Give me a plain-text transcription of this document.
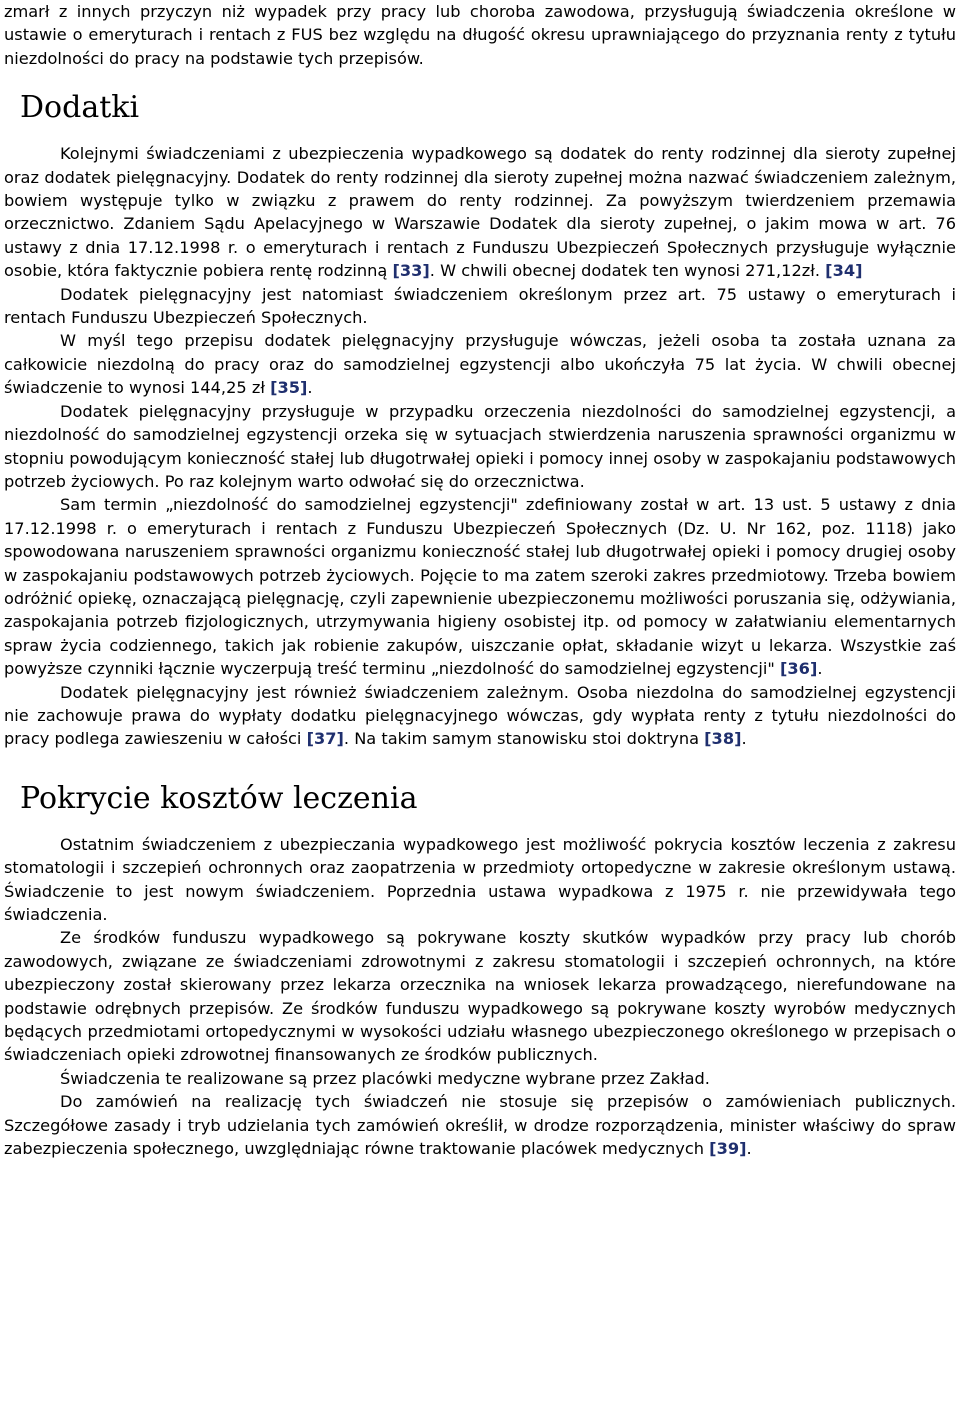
zmarł z innych przyczyn niż wypadek przy pracy lub choroba zawodowa, przysługują świadczenia określone w ustawie o emeryturach i rentach z FUS bez względu na długość okresu uprawniającego do przyznania renty z tytułu niezdolności do pracy na podstawie tych przepisów.

Dodatki

Kolejnymi świadczeniami z ubezpieczenia wypadkowego są dodatek do renty rodzinnej dla sieroty zupełnej oraz dodatek pielęgnacyjny. Dodatek do renty rodzinnej dla sieroty zupełnej można nazwać świadczeniem zależnym, bowiem występuje tylko w związku z prawem do renty rodzinnej. Za powyższym twierdzeniem przemawia orzecznictwo. Zdaniem Sądu Apelacyjnego w Warszawie Dodatek dla sieroty zupełnej, o jakim mowa w art. 76 ustawy z dnia 17.12.1998 r. o emeryturach i rentach z Funduszu Ubezpieczeń Społecznych przysługuje wyłącznie osobie, która faktycznie pobiera rentę rodzinną [33]. W chwili obecnej dodatek ten wynosi 271,12zł. [34]

Dodatek pielęgnacyjny jest natomiast świadczeniem określonym przez art. 75 ustawy o emeryturach i rentach Funduszu Ubezpieczeń Społecznych.

W myśl tego przepisu dodatek pielęgnacyjny przysługuje wówczas, jeżeli osoba ta została uznana za całkowicie niezdolną do pracy oraz do samodzielnej egzystencji albo ukończyła 75 lat życia. W chwili obecnej świadczenie to wynosi 144,25 zł [35].

Dodatek pielęgnacyjny przysługuje w przypadku orzeczenia niezdolności do samodzielnej egzystencji, a niezdolność do samodzielnej egzystencji orzeka się w sytuacjach stwierdzenia naruszenia sprawności organizmu w stopniu powodującym konieczność stałej lub długotrwałej opieki i pomocy innej osoby w zaspokajaniu podstawowych potrzeb życiowych. Po raz kolejnym warto odwołać się do orzecznictwa.

Sam termin „niezdolność do samodzielnej egzystencji" zdefiniowany został w art. 13 ust. 5 ustawy z dnia 17.12.1998 r. o emeryturach i rentach z Funduszu Ubezpieczeń Społecznych (Dz. U. Nr 162, poz. 1118) jako spowodowana naruszeniem sprawności organizmu konieczność stałej lub długotrwałej opieki i pomocy drugiej osoby w zaspokajaniu podstawowych potrzeb życiowych. Pojęcie to ma zatem szeroki zakres przedmiotowy. Trzeba bowiem odróżnić opiekę, oznaczającą pielęgnację, czyli zapewnienie ubezpieczonemu możliwości poruszania się, odżywiania, zaspokajania potrzeb fizjologicznych, utrzymywania higieny osobistej itp. od pomocy w załatwianiu elementarnych spraw życia codziennego, takich jak robienie zakupów, uiszczanie opłat, składanie wizyt u lekarza. Wszystkie zaś powyższe czynniki łącznie wyczerpują treść terminu „niezdolność do samodzielnej egzystencji" [36].

Dodatek pielęgnacyjny jest również świadczeniem zależnym. Osoba niezdolna do samodzielnej egzystencji nie zachowuje prawa do wypłaty dodatku pielęgnacyjnego wówczas, gdy wypłata renty z tytułu niezdolności do pracy podlega zawieszeniu w całości [37]. Na takim samym stanowisku stoi doktryna [38].

Pokrycie kosztów leczenia

Ostatnim świadczeniem z ubezpieczania wypadkowego jest możliwość pokrycia kosztów leczenia z zakresu stomatologii i szczepień ochronnych oraz zaopatrzenia w przedmioty ortopedyczne w zakresie określonym ustawą. Świadczenie to jest nowym świadczeniem. Poprzednia ustawa wypadkowa z 1975 r. nie przewidywała tego świadczenia.

Ze środków funduszu wypadkowego są pokrywane koszty skutków wypadków przy pracy lub chorób zawodowych, związane ze świadczeniami zdrowotnymi z zakresu stomatologii i szczepień ochronnych, na które ubezpieczony został skierowany przez lekarza orzecznika na wniosek lekarza prowadzącego, nierefundowane na podstawie odrębnych przepisów. Ze środków funduszu wypadkowego są pokrywane koszty wyrobów medycznych będących przedmiotami ortopedycznymi w wysokości udziału własnego ubezpieczonego określonego w przepisach o świadczeniach opieki zdrowotnej finansowanych ze środków publicznych.

Świadczenia te realizowane są przez placówki medyczne wybrane przez Zakład.

Do zamówień na realizację tych świadczeń nie stosuje się przepisów o zamówieniach publicznych. Szczegółowe zasady i tryb udzielania tych zamówień określił, w drodze rozporządzenia, minister właściwy do spraw zabezpieczenia społecznego, uwzględniając równe traktowanie placówek medycznych [39].
